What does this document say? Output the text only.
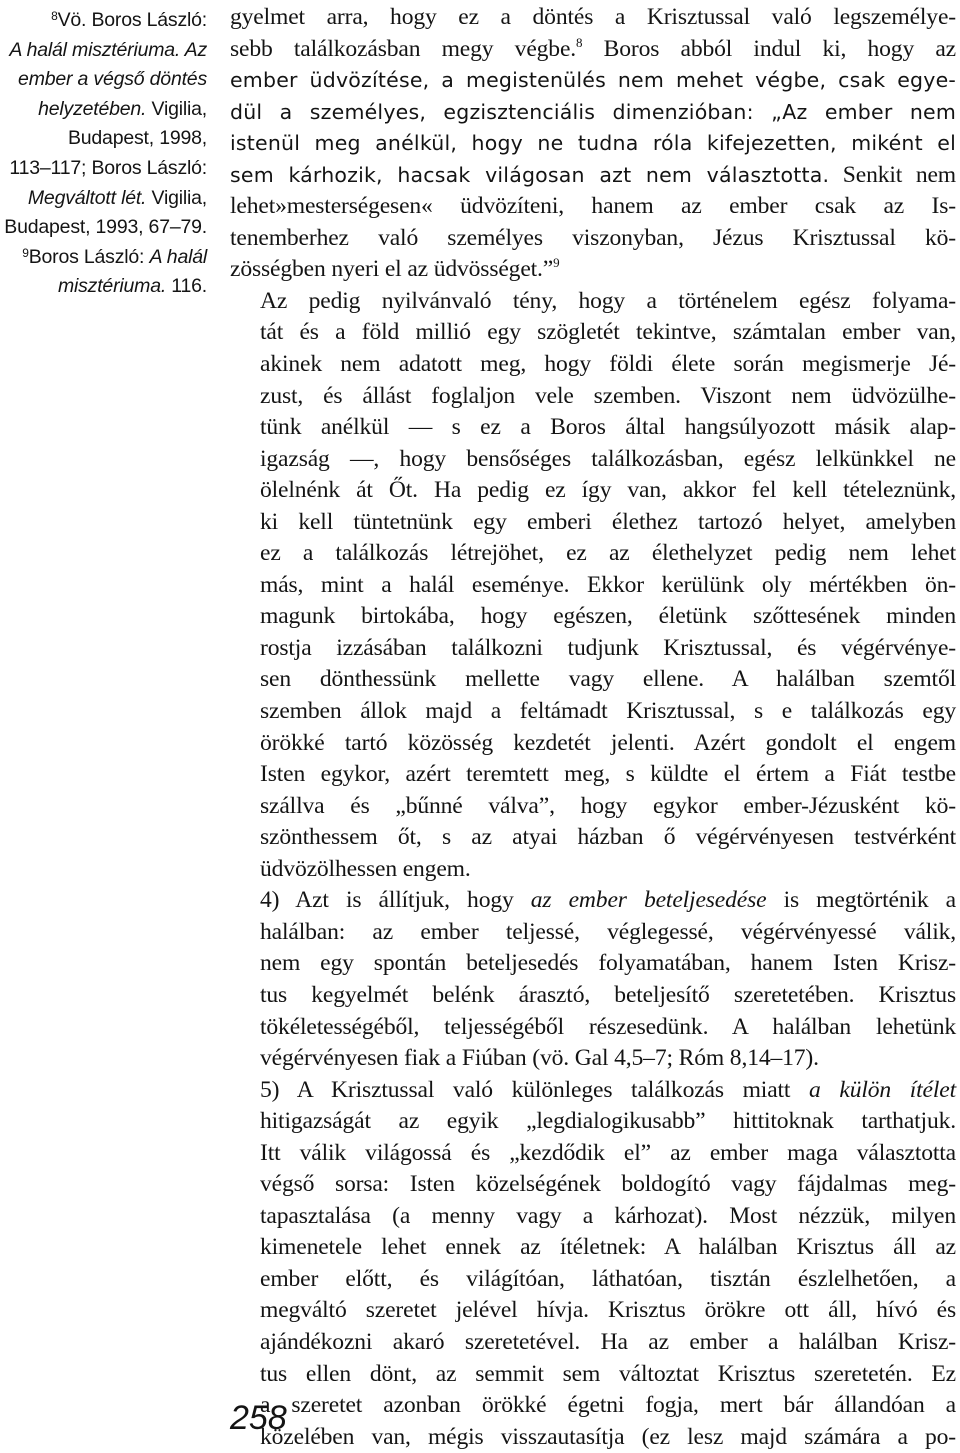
$^8$Vö. Boros László:
A halál misztériuma. Az
ember a végső döntés
helyzetében. Vigilia,
Budapest, 1998,
113–117; Boros László:
Megváltott lét. Vigilia,
Budapest, 1993, 67–79.
$^9$Boros László: A halál
misztériuma. 116.

gyelmet arra, hogy ez a döntés a Krisztussal való legszemélye-
sebb találkozásban megy végbe.$^8$ Boros abból indul ki, hogy az
ember üdvözítése, a megistenülés nem mehet végbe, csak egye-
dül a személyes, egzisztenciális dimenzióban: „Az ember nem
istenül meg anélkül, hogy ne tudna róla kifejezetten, miként el
sem kárhozik, hacsak világosan azt nem választotta. Senkit nem
lehet»mesterségesen« üdvözíteni, hanem az ember csak az Is-
tenemberhez való személyes viszonyban, Jézus Krisztussal kö-
zösségben nyeri el az üdvösséget.”$^9$

Az pedig nyilvánvaló tény, hogy a történelem egész folyama-
tát és a föld millió egy szögletét tekintve, számtalan ember van,
akinek nem adatott meg, hogy földi élete során megismerje Jé-
zust, és állást foglaljon vele szemben. Viszont nem üdvözülhe-
tünk anélkül — s ez a Boros által hangsúlyozott másik alap-
igazság —, hogy bensőséges találkozásban, egész lelkünkkel ne
ölelnénk át Őt. Ha pedig ez így van, akkor fel kell tételeznünk,
ki kell tüntetnünk egy emberi élethez tartozó helyet, amelyben
ez a találkozás létrejöhet, ez az élethelyzet pedig nem lehet
más, mint a halál eseménye. Ekkor kerülünk oly mértékben ön-
magunk birtokába, hogy egészen, életünk szőttesének minden
rostja izzásában találkozni tudjunk Krisztussal, és végérvénye-
sen dönthessünk mellette vagy ellene. A halálban szemtől
szemben állok majd a feltámadt Krisztussal, s e találkozás egy
örökké tartó közösség kezdetét jelenti. Azért gondolt el engem
Isten egykor, azért teremtett meg, s küldte el értem a Fiát testbe
szállva és „bűnné válva”, hogy egykor ember-Jézusként kö-
szönthessem őt, s az atyai házban ő végérvényesen testvérként
üdvözölhessen engem.

4) Azt is állítjuk, hogy az ember beteljesedése is megtörténik a
halálban: az ember teljessé, véglegessé, végérvényessé válik,
nem egy spontán beteljesedés folyamatában, hanem Isten Krisz-
tus kegyelmét belénk árasztó, beteljesítő szeretetében. Krisztus
tökéletességéből, teljességéből részesedünk. A halálban lehetünk
végérvényesen fiak a Fiúban (vö. Gal 4,5–7; Róm 8,14–17).

5) A Krisztussal való különleges találkozás miatt a külön ítélet
hitigazságát az egyik „legdialogikusabb” hittitoknak tarthatjuk.
Itt válik világossá és „kezdődik el” az ember maga választotta
végső sorsa: Isten közelségének boldogító vagy fájdalmas meg-
tapasztalása (a menny vagy a kárhozat). Most nézzük, milyen
kimenetele lehet ennek az ítéletnek: A halálban Krisztus áll az
ember előtt, és világítóan, láthatóan, tisztán észlelhetően, a
megváltó szeretet jelével hívja. Krisztus örökre ott áll, hívó és
ajándékozni akaró szeretetével. Ha az ember a halálban Krisz-
tus ellen dönt, az semmit sem változtat Krisztus szeretetén. Ez
a szeretet azonban örökké égetni fogja, mert bár állandóan a
közelében van, mégis visszautasítja (ez lesz majd számára a po-

258
